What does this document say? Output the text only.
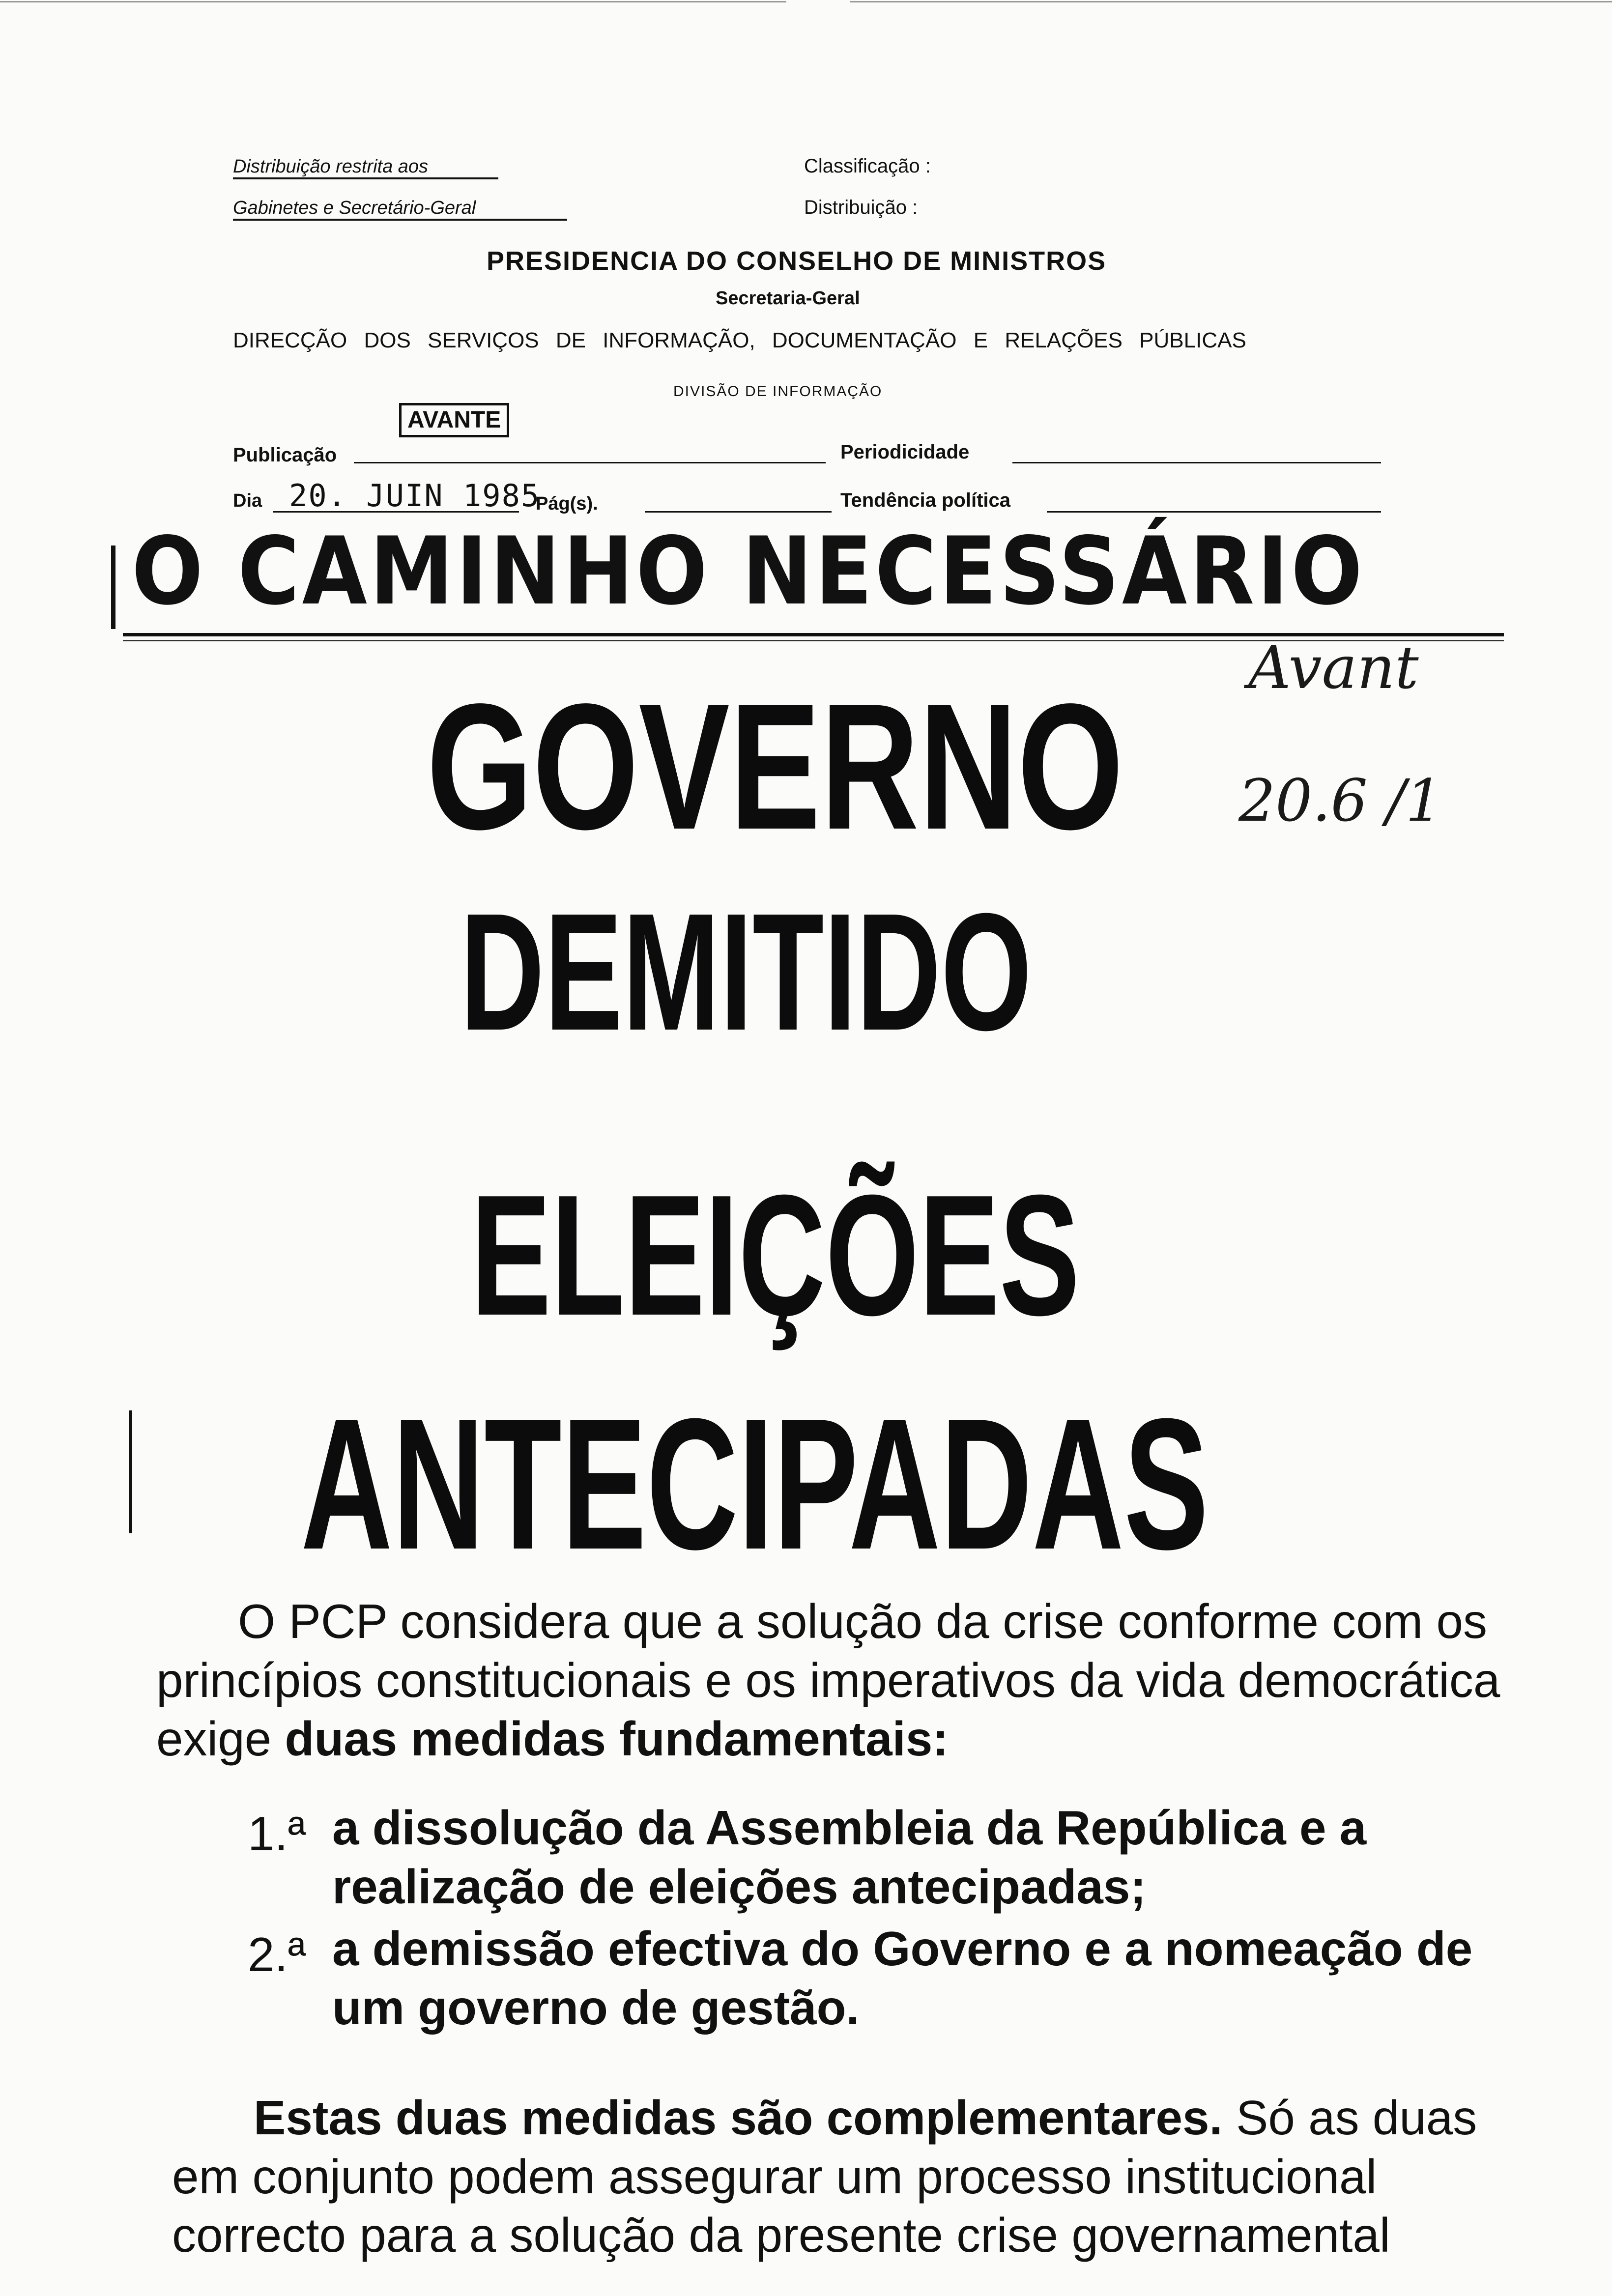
Distribuição restrita aos
Gabinetes e Secretário-Geral
Classificação :
Distribuição :
PRESIDENCIA DO CONSELHO DE MINISTROS
Secretaria-Geral
DIRECÇÃO DOS SERVIÇOS DE INFORMAÇÃO, DOCUMENTAÇÃO E RELAÇÕES PÚBLICAS
DIVISÃO DE INFORMAÇÃO
Publicação
AVANTE
Periodicidade
Dia 20. JUIN 1985
Pág(s).	Tendência política
O CAMINHO NECESSÁRIO
Avant
20.6 /1
GOVERNO
DEMITIDO
ELEIÇÕES
ANTECIPADAS
O PCP considera que a solução da crise conforme com os princípios constitucionais e os imperativos da vida democrática exige duas medidas fundamentais:
1.ª a dissolução da Assembleia da República e a realização de eleições antecipadas;
2.ª a demissão efectiva do Governo e a nomeação de um governo de gestão.
Estas duas medidas são complementares. Só as duas em conjunto podem assegurar um processo institucional correcto para a solução da presente crise governamental
